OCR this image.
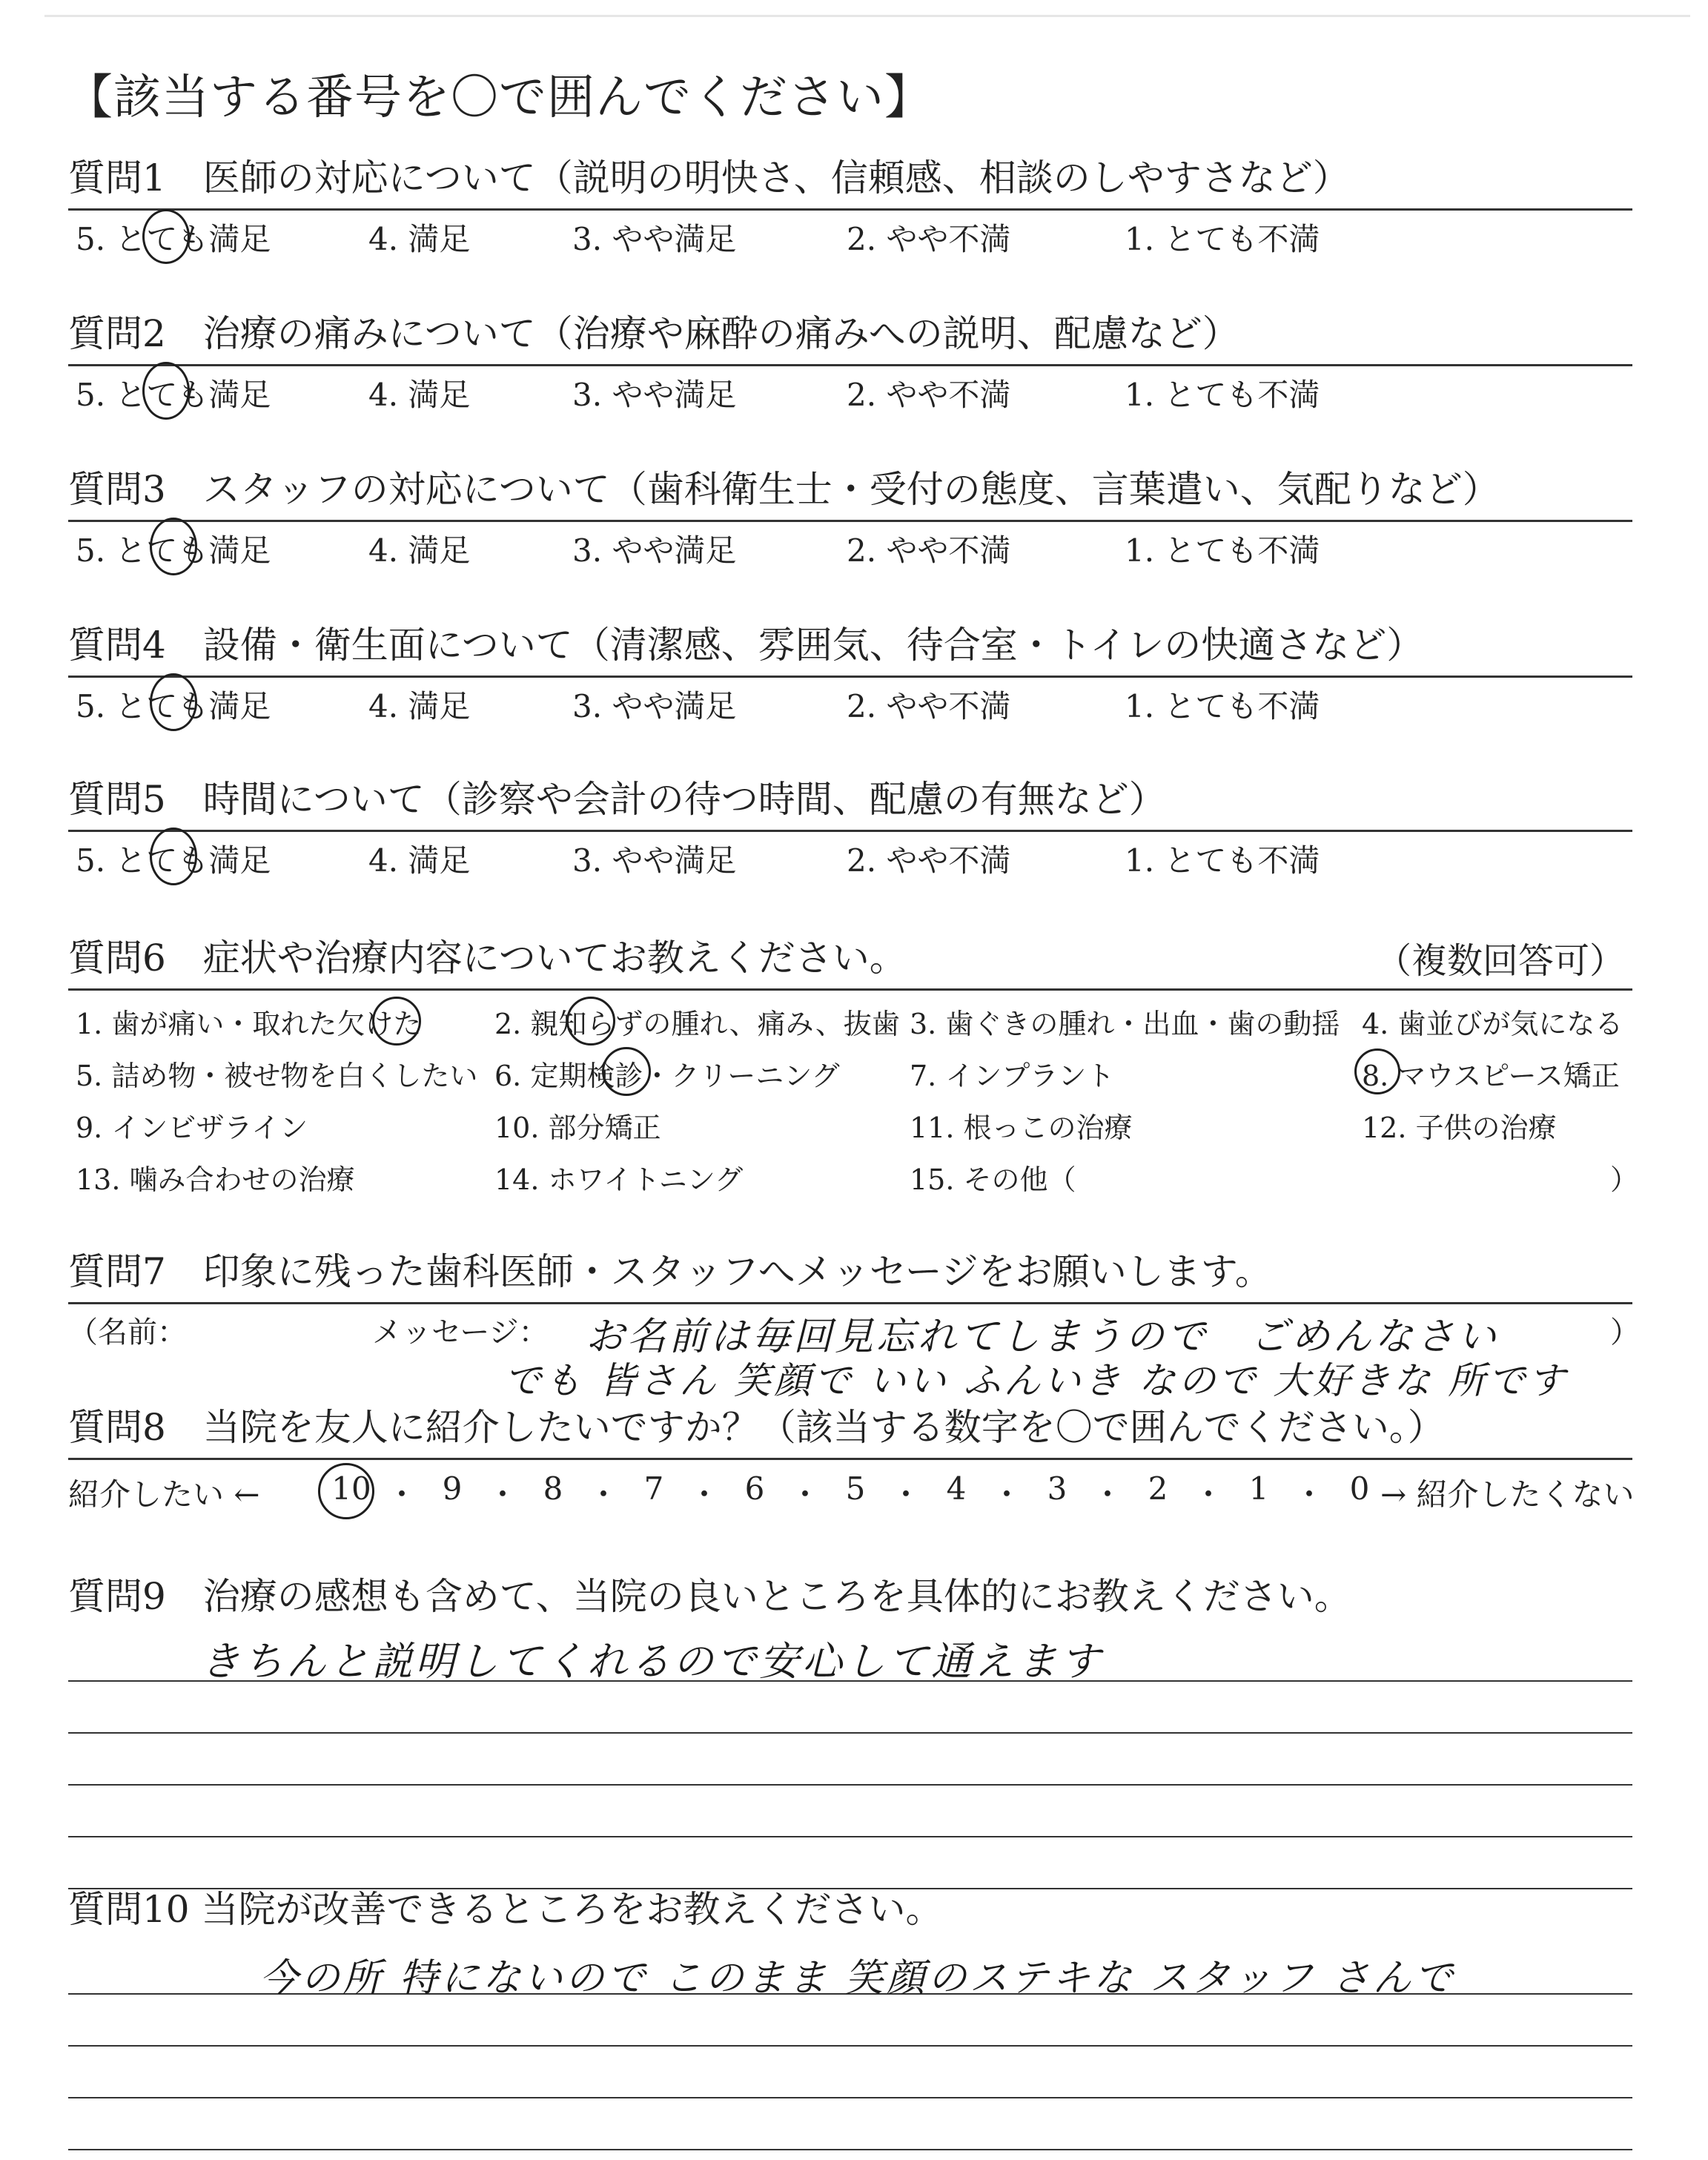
【該当する番号を〇で囲んでください】
質問1　医師の対応について（説明の明快さ、信頼感、相談のしやすさなど）
5. とても満足	4. 満足	3. やや満足	2. やや不満	1. とても不満
質問2　治療の痛みについて（治療や麻酔の痛みへの説明、配慮など）
5. とても満足	4. 満足	3. やや満足	2. やや不満	1. とても不満
質問3　スタッフの対応について（歯科衛生士・受付の態度、言葉遣い、気配りなど）
5. とても満足	4. 満足	3. やや満足	2. やや不満	1. とても不満
質問4　設備・衛生面について（清潔感、雰囲気、待合室・トイレの快適さなど）
5. とても満足	4. 満足	3. やや満足	2. やや不満	1. とても不満
質問5　時間について（診察や会計の待つ時間、配慮の有無など）
5. とても満足	4. 満足	3. やや満足	2. やや不満	1. とても不満
質問6　症状や治療内容についてお教えください。	（複数回答可）
1. 歯が痛い・取れた欠けた	2. 親知らずの腫れ、痛み、抜歯 3. 歯ぐきの腫れ・出血・歯の動揺 4. 歯並びが気になる
5. 詰め物・被せ物を白くしたい 6. 定期検診・クリーニング 7. インプラント	8. マウスピース矯正
9. インビザライン	10. 部分矯正	11. 根っこの治療	12. 子供の治療
13. 噛み合わせの治療	14. ホワイトニング	15. その他（	）
質問7　印象に残った歯科医師・スタッフへメッセージをお願いします。
（名前：	メッセージ：	）
お名前は毎回見忘れてしまうので　ごめんなさい
でも 皆さん 笑顔で いい ふんいき なので 大好きな 所です
質問8　当院を友人に紹介したいですか？（該当する数字を〇で囲んでください。）
紹介したい ← 10 ・ 9 ・ 8 ・ 7 ・ 6 ・ 5 ・ 4 ・ 3 ・ 2 ・ 1 ・ 0 → 紹介したくない
質問9　治療の感想も含めて、当院の良いところを具体的にお教えください。
きちんと説明してくれるので安心して通えます
質問10 当院が改善できるところをお教えください。
今の所 特にないので このまま 笑顔のステキな スタッフ さんで
